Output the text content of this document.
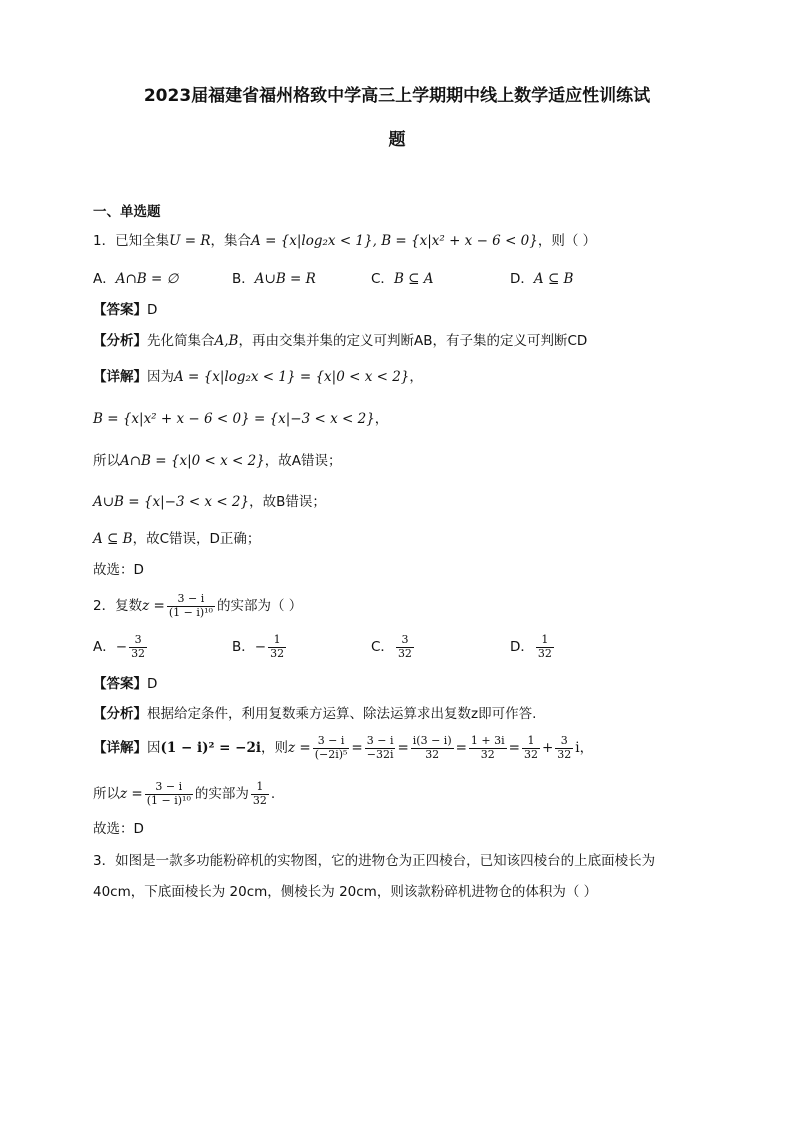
2023届福建省福州格致中学高三上学期期中线上数学适应性训练试
题
一、单选题
1．已知全集U = R，集合A = {x|log₂x < 1}, B = {x|x² + x − 6 < 0}，则（ ）
A．A∩B = ∅	B．A∪B = R	C．B ⊆ A	D．A ⊆ B
【答案】D
【分析】先化简集合A,B，再由交集并集的定义可判断AB，有子集的定义可判断CD
【详解】因为A = {x|log₂x < 1} = {x|0 < x < 2}，
B = {x|x² + x − 6 < 0} = {x|−3 < x < 2}，
所以A∩B = {x|0 < x < 2}，故A错误；
A∪B = {x|−3 < x < 2}，故B错误；
A ⊆ B，故C错误，D正确；
故选：D
2．复数$z = \frac{3 - i}{\text{(1 − i)¹⁰}}$ 的实部为（ ）
A．− $\frac{3}{32}$	B．− $\frac{1}{32}$	C． $\frac{3}{32}$	D． $\frac{1}{32}$
【答案】D
【分析】根据给定条件，利用复数乘方运算、除法运算求出复数z即可作答.
【详解】因(1 − i)² = −2i，则$z = \frac{3 - i}{\text{(−2i)⁵}} = \frac{3 - i}{-32i} = \frac{i(3 - i)}{32} = \frac{1 + 3i}{32} = \frac{1}{32} + \frac{3}{32}$ i，
所以$z = \frac{3 - i}{\text{(1 − i)¹⁰}}$ 的实部为 $\frac{1}{32}$ .
故选：D
3．如图是一款多功能粉碎机的实物图，它的进物仓为正四棱台，已知该四棱台的上底面棱长为
40cm，下底面棱长为 20cm，侧棱长为 20cm，则该款粉碎机进物仓的体积为（ ）
